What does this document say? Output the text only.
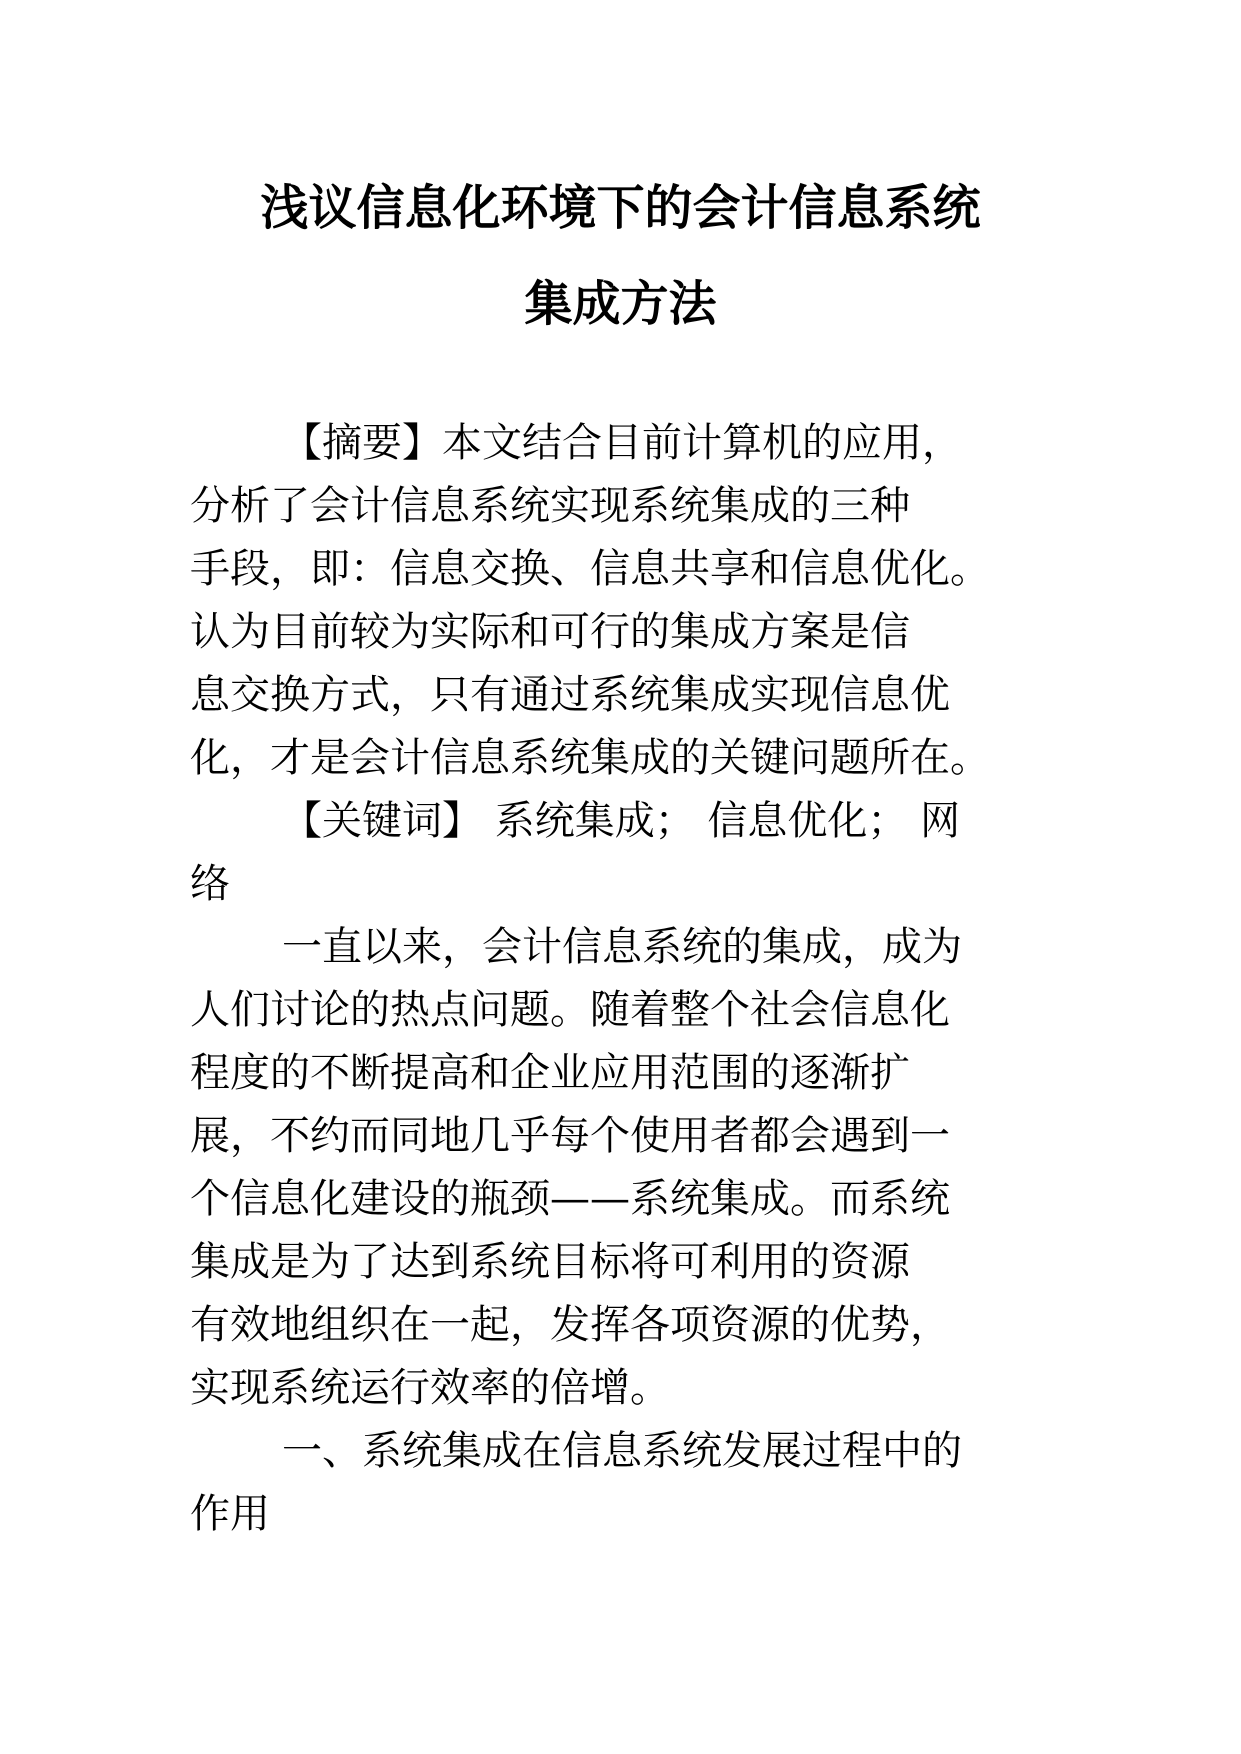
浅议信息化环境下的会计信息系统
集成方法
【摘要】本文结合目前计算机的应用，
分析了会计信息系统实现系统集成的三种
手段，即：信息交换、信息共享和信息优化。
认为目前较为实际和可行的集成方案是信
息交换方式，只有通过系统集成实现信息优
化，才是会计信息系统集成的关键问题所在。
【关键词】 系统集成； 信息优化； 网
络
一直以来，会计信息系统的集成，成为
人们讨论的热点问题。随着整个社会信息化
程度的不断提高和企业应用范围的逐渐扩
展，不约而同地几乎每个使用者都会遇到一
个信息化建设的瓶颈——系统集成。而系统
集成是为了达到系统目标将可利用的资源
有效地组织在一起，发挥各项资源的优势，
实现系统运行效率的倍增。
一、系统集成在信息系统发展过程中的
作用
